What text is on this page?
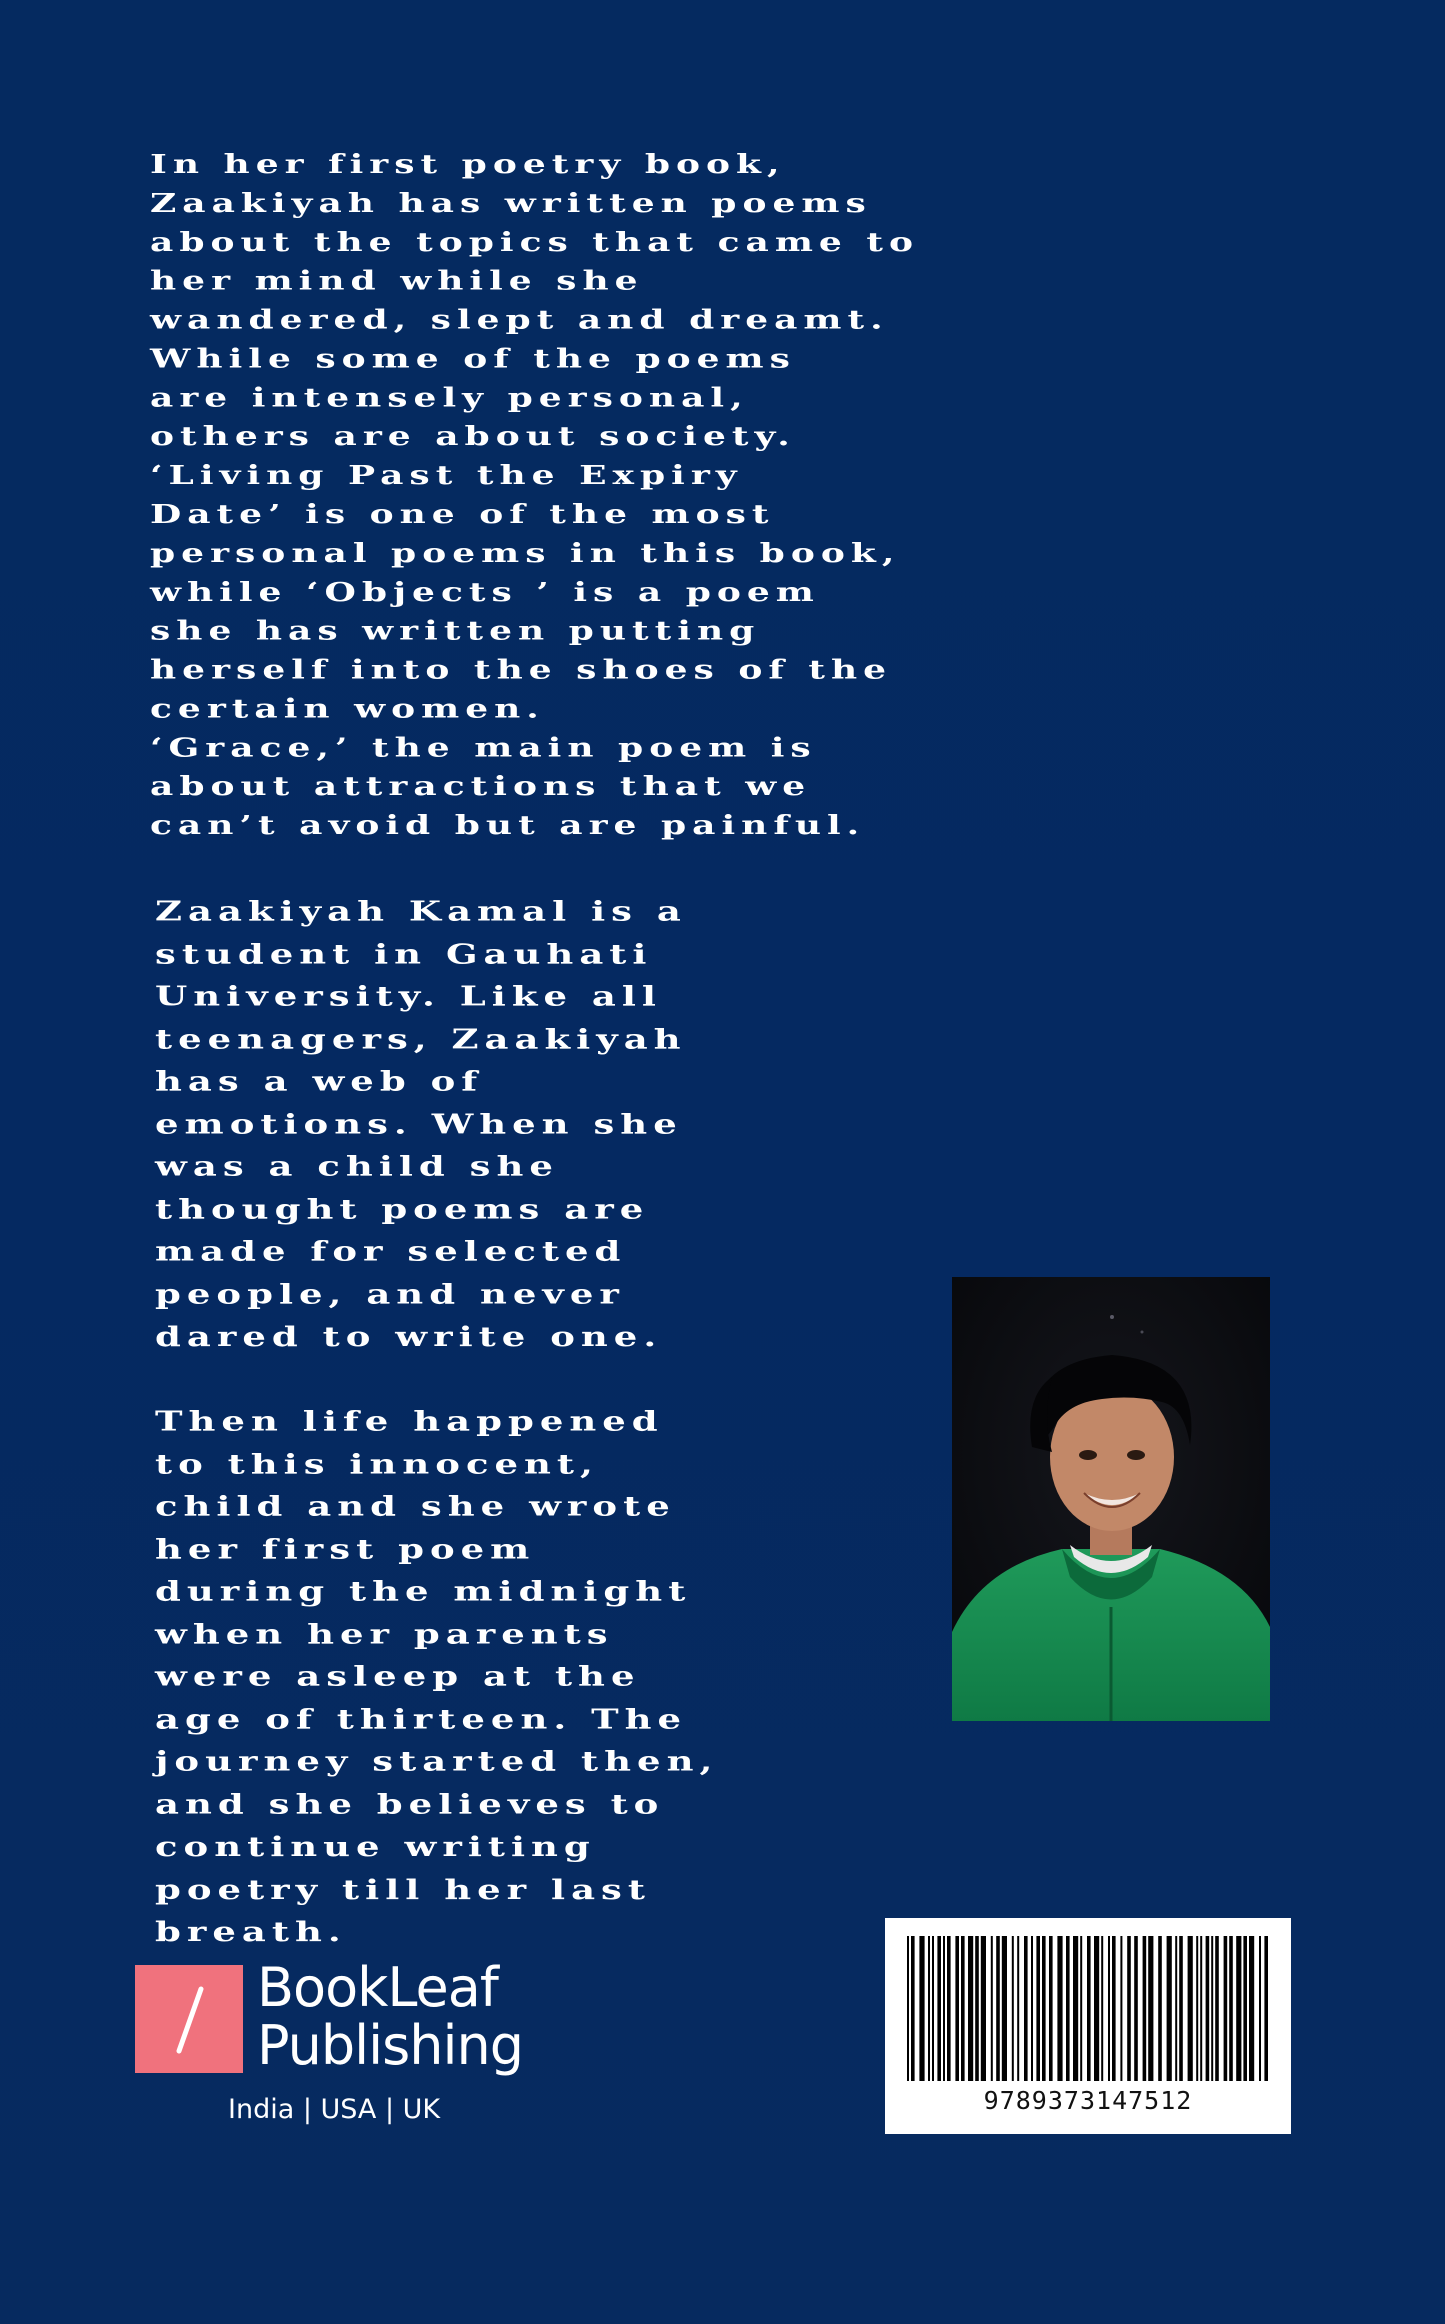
In her first poetry book,
Zaakiyah has written poems
about the topics that came to
her mind while she
wandered, slept and dreamt.
While some of the poems
are intensely personal,
others are about society.
‘Living Past the Expiry
Date’ is one of the most
personal poems in this book,
while ‘Objects ’ is a poem
she has written putting
herself into the shoes of the
certain women.
‘Grace,’ the main poem is
about attractions that we
can’t avoid but are painful.
Zaakiyah Kamal is a
student in Gauhati
University. Like all
teenagers, Zaakiyah
has a web of
emotions. When she
was a child she
thought poems are
made for selected
people, and never
dared to write one.
Then life happened
to this innocent,
child and she wrote
her first poem
during the midnight
when her parents
were asleep at the
age of thirteen. The
journey started then,
and she believes to
continue writing
poetry till her last
breath.
BookLeaf
Publishing
India | USA | UK	9789373147512
